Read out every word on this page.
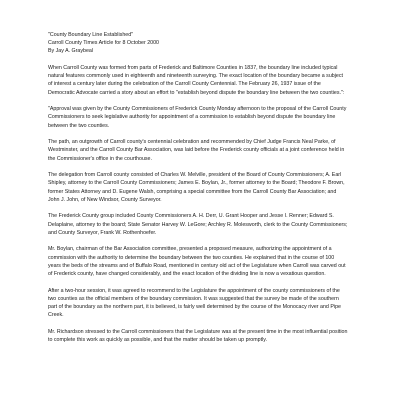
"County Boundary Line Established"

Carroll County Times Article for 8 October 2000

By Jay A. Graybeal

When Carroll County was formed from parts of Frederick and Baltimore Counties in 1837, the boundary line included typical natural features commonly used in eighteenth and nineteenth surveying. The exact location of the boundary became a subject of interest a century later during the celebration of the Carroll County Centennial. The February 26, 1937 issue of the Democratic Advocate carried a story about an effort to "establish beyond dispute the boundary line between the two counties.":

"Approval was given by the County Commissioners of Frederick County Monday afternoon to the proposal of the Carroll County Commissioners to seek legislative authority for appointment of a commission to establish beyond dispute the boundary line between the two counties.

The path, an outgrowth of Carroll county's centennial celebration and recommended by Chief Judge Francis Neal Parke, of Westminster, and the Carroll County Bar Association, was laid before the Frederick county officials at a joint conference held in the Commissioner's office in the courthouse.

The delegation from Carroll county consisted of Charles W. Melville, president of the Board of County Commissioners; A. Earl Shipley, attorney to the Carroll County Commissioners; James E. Boylan, Jr., former attorney to the Board; Theodore F. Brown, former States Attorney and D. Eugene Walsh, comprising a special committee from the Carroll County Bar Association; and John J. John, of New Windsor, County Surveyor.

The Frederick County group included County Commissioners A. H. Derr, U. Grant Hooper and Jesse I. Renner; Edward S. Delaplaine, attorney to the board; State Senator Harvey W. LeGore; Archley R. Molesworth, clerk to the County Commissioners; and County Surveyor, Frank W. Rothenhoefer.

Mr. Boylan, chairman of the Bar Association committee, presented a proposed measure, authorizing the appointment of a commission with the authority to determine the boundary between the two counties. He explained that in the course of 100 years the beds of the streams and of Buffalo Road, mentioned in century old act of the Legislature when Carroll was carved out of Frederick county, have changed considerably, and the exact location of the dividing line is now a vexatious question.

After a two-hour session, it was agreed to recommend to the Legislature the appointment of the county commissioners of the two counties as the official members of the boundary commission. It was suggested that the survey be made of the southern part of the boundary as the northern part, it is believed, is fairly well determined by the course of the Monocacy river and Pipe Creek.

Mr. Richardson stressed to the Carroll commissioners that the Legislature was at the present time in the most influential position to complete this work as quickly as possible, and that the matter should be taken up promptly.
